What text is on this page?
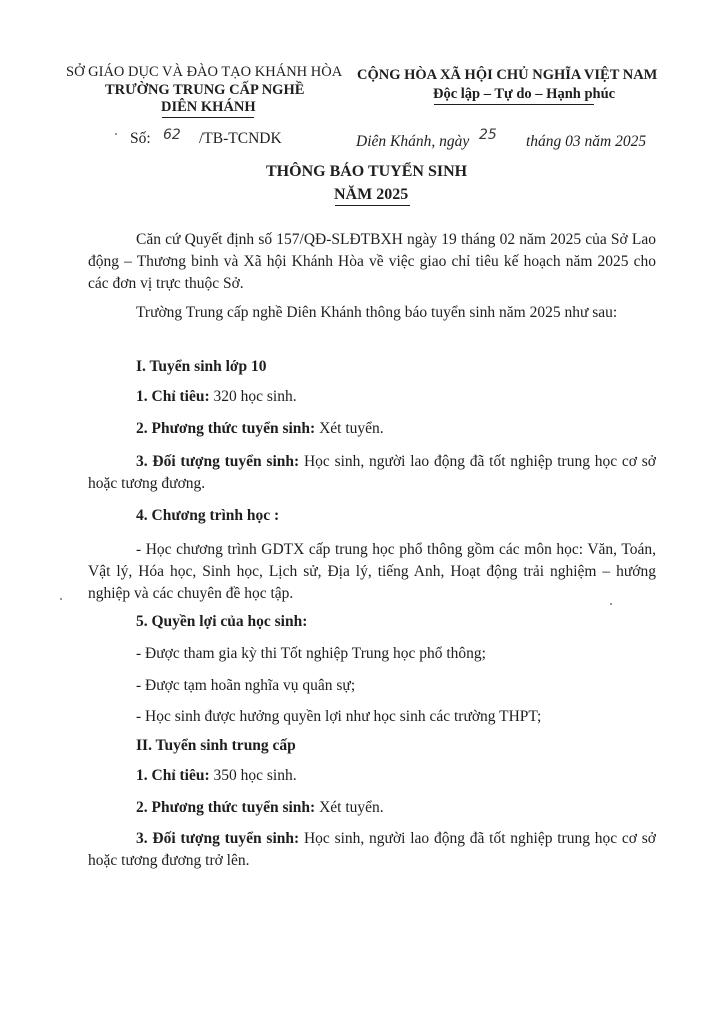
SỞ GIÁO DỤC VÀ ĐÀO TẠO KHÁNH HÒA
TRƯỜNG TRUNG CẤP NGHỀ
DIÊN KHÁNH
CỘNG HÒA XÃ HỘI CHỦ NGHĨA VIỆT NAM
Độc lập – Tự do – Hạnh phúc
Số: 62 /TB-TCNDK	Diên Khánh, ngày 25 tháng 03 năm 2025
THÔNG BÁO TUYỂN SINH
NĂM 2025
Căn cứ Quyết định số 157/QĐ-SLĐTBXH ngày 19 tháng 02 năm 2025 của Sở Lao động – Thương binh và Xã hội Khánh Hòa về việc giao chỉ tiêu kế hoạch năm 2025 cho các đơn vị trực thuộc Sở.
Trường Trung cấp nghề Diên Khánh thông báo tuyển sinh năm 2025 như sau:
I. Tuyển sinh lớp 10
1. Chỉ tiêu: 320 học sinh.
2. Phương thức tuyển sinh: Xét tuyển.
3. Đối tượng tuyển sinh: Học sinh, người lao động đã tốt nghiệp trung học cơ sở hoặc tương đương.
4. Chương trình học :
- Học chương trình GDTX cấp trung học phổ thông gồm các môn học: Văn, Toán, Vật lý, Hóa học, Sinh học, Lịch sử, Địa lý, tiếng Anh, Hoạt động trải nghiệm – hướng nghiệp và các chuyên đề học tập.
5. Quyền lợi của học sinh:
- Được tham gia kỳ thi Tốt nghiệp Trung học phổ thông;
- Được tạm hoãn nghĩa vụ quân sự;
- Học sinh được hưởng quyền lợi như học sinh các trường THPT;
II. Tuyển sinh trung cấp
1. Chỉ tiêu: 350 học sinh.
2. Phương thức tuyển sinh: Xét tuyển.
3. Đối tượng tuyển sinh: Học sinh, người lao động đã tốt nghiệp trung học cơ sở hoặc tương đương trở lên.
